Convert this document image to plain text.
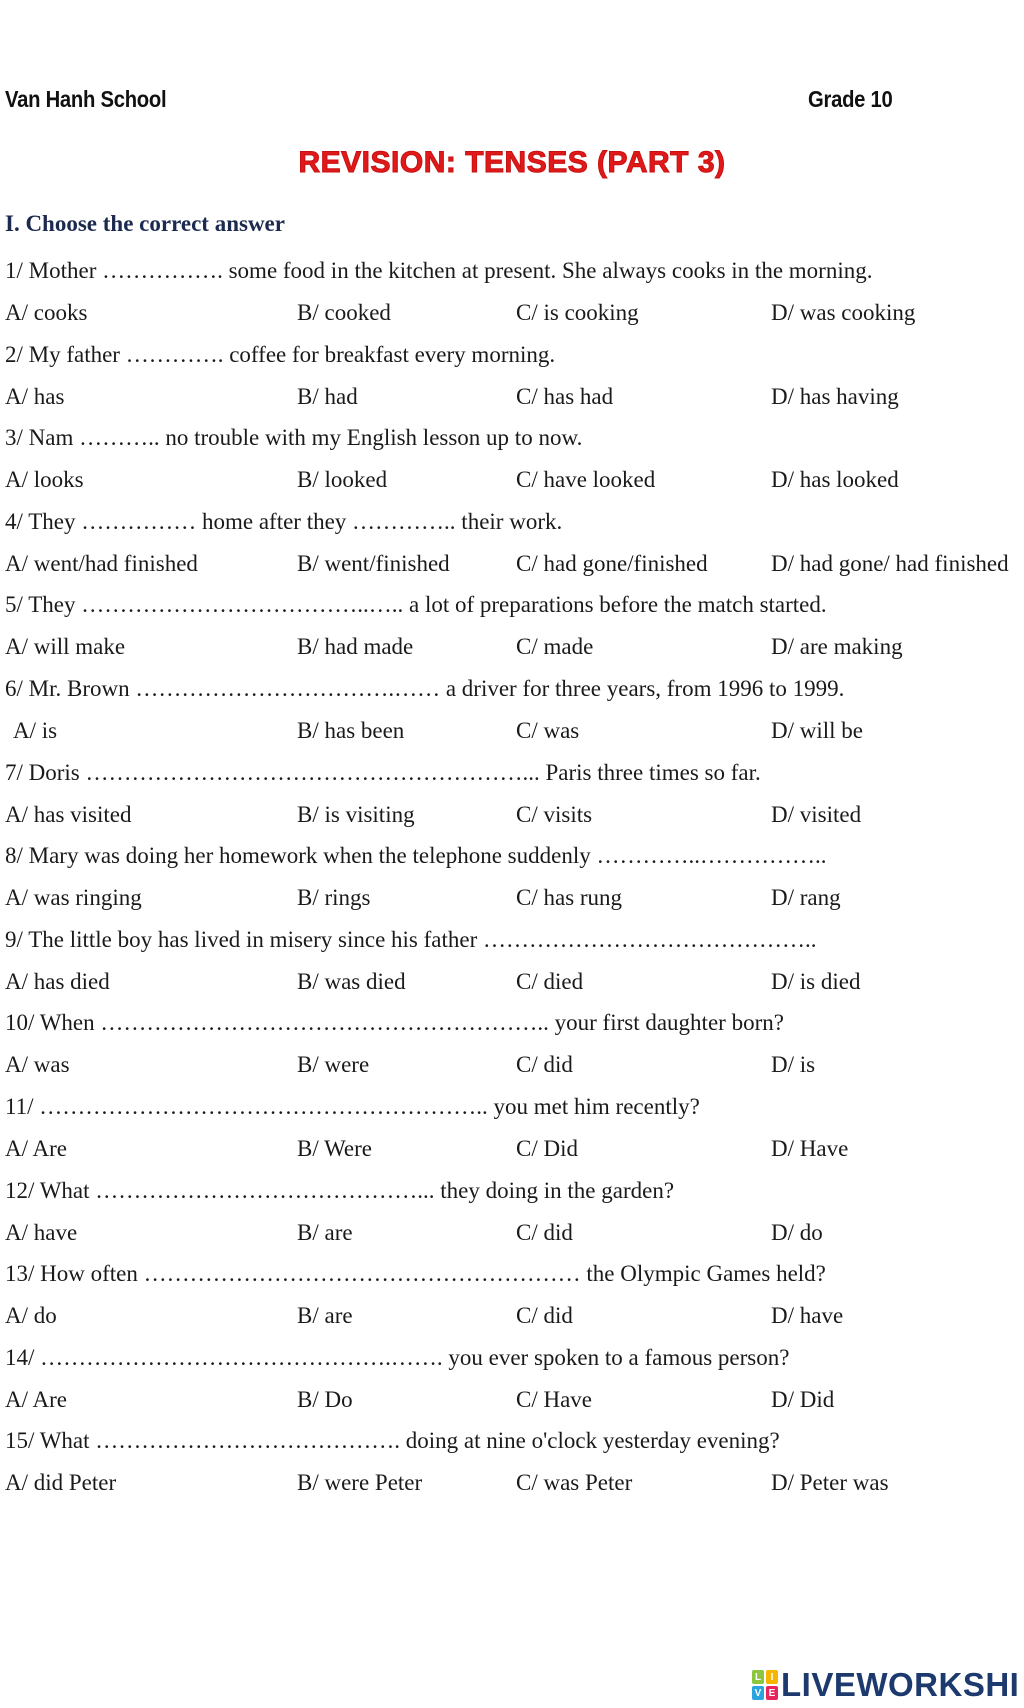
Van Hanh School	Grade 10
REVISION: TENSES (PART 3)
I. Choose the correct answer
1/ Mother ……………. some food in the kitchen at present. She always cooks in the morning.
A/ cooks	B/ cooked	C/ is cooking	D/ was cooking
2/ My father …………. coffee for breakfast every morning.
A/ has	B/ had	C/ has had	D/ has having
3/ Nam ……….. no trouble with my English lesson up to now.
A/ looks	B/ looked	C/ have looked	D/ has looked
4/ They …………… home after they ………….. their work.
A/ went/had finished	B/ went/finished	C/ had gone/finished	D/ had gone/ had finished
5/ They ………………………………..….. a lot of preparations before the match started.
A/ will make	B/ had made	C/ made	D/ are making
6/ Mr. Brown …………………………….…… a driver for three years, from 1996 to 1999.
A/ is	B/ has been	C/ was	D/ will be
7/ Doris …………………………………………………... Paris three times so far.
A/ has visited	B/ is visiting	C/ visits	D/ visited
8/ Mary was doing her homework when the telephone suddenly …………..……………..
A/ was ringing	B/ rings	C/ has rung	D/ rang
9/ The little boy has lived in misery since his father ……………………………………..
A/ has died	B/ was died	C/ died	D/ is died
10/ When ………………………………………………….. your first daughter born?
A/ was	B/ were	C/ did	D/ is
11/ ………………………………………………….. you met him recently?
A/ Are	B/ Were	C/ Did	D/ Have
12/ What ……………………………………... they doing in the garden?
A/ have	B/ are	C/ did	D/ do
13/ How often ………………………………………………… the Olympic Games held?
A/ do	B/ are	C/ did	D/ have
14/ ……………………………………….……. you ever spoken to a famous person?
A/ Are	B/ Do	C/ Have	D/ Did
15/ What …………………………………. doing at nine o'clock yesterday evening?
A/ did Peter	B/ were Peter	C/ was Peter	D/ Peter was
L I
V E LIVEWORKSHI
